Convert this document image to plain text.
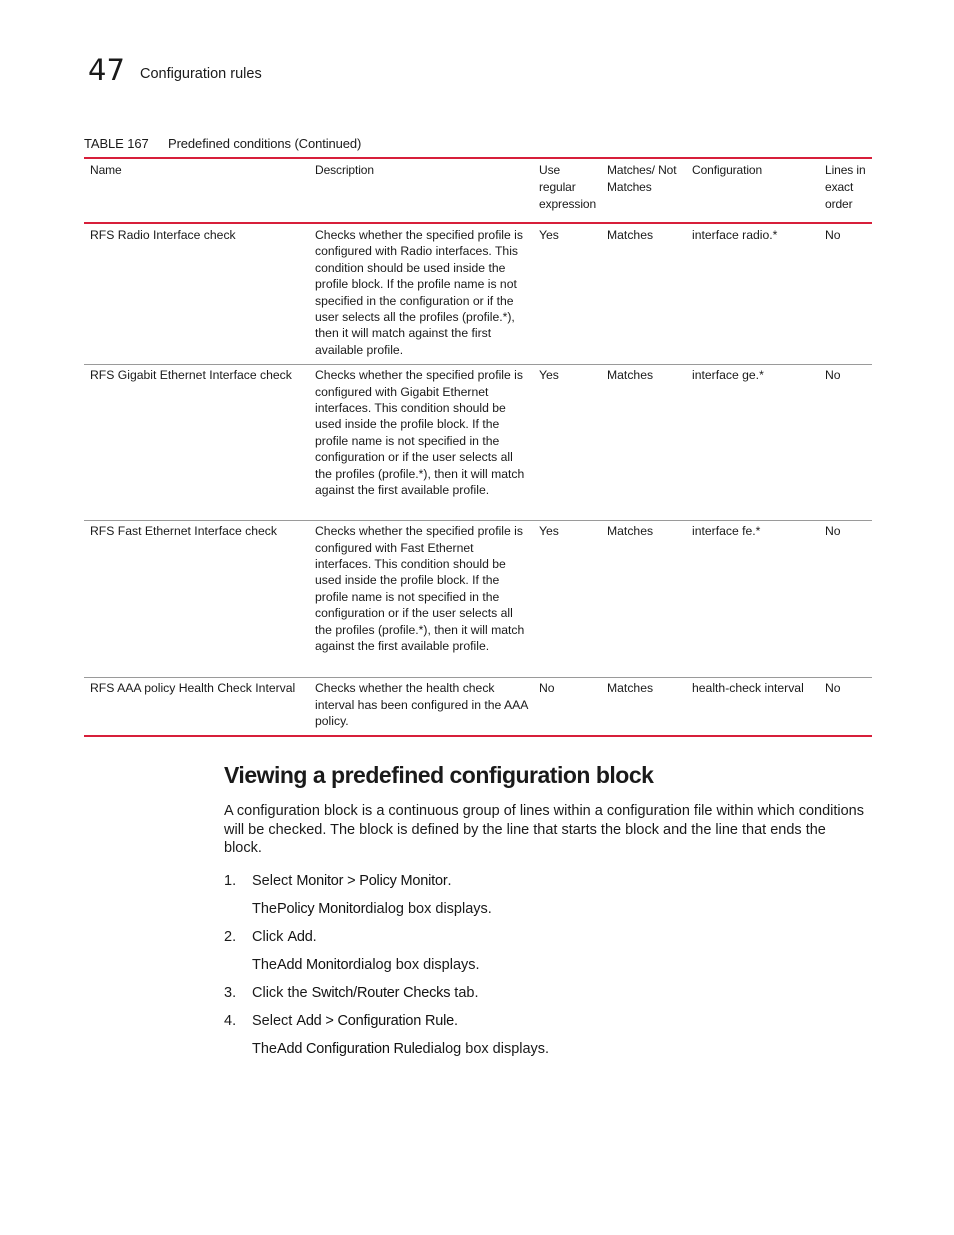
47 Configuration rules
TABLE 167 Predefined conditions (Continued)
Name	Description	Use regular expression	Matches/ Not Matches	Configuration	Lines in exact order
RFS Radio Interface check	Checks whether the specified profile is configured with Radio interfaces. This condition should be used inside the profile block. If the profile name is not specified in the configuration or if the user selects all the profiles (profile.*), then it will match against the first available profile.	Yes	Matches	interface radio.*	No
RFS Gigabit Ethernet Interface check	Checks whether the specified profile is configured with Gigabit Ethernet interfaces. This condition should be used inside the profile block. If the profile name is not specified in the configuration or if the user selects all the profiles (profile.*), then it will match against the first available profile.	Yes	Matches	interface ge.*	No
RFS Fast Ethernet Interface check	Checks whether the specified profile is configured with Fast Ethernet interfaces. This condition should be used inside the profile block. If the profile name is not specified in the configuration or if the user selects all the profiles (profile.*), then it will match against the first available profile.	Yes	Matches	interface fe.*	No
RFS AAA policy Health Check Interval	Checks whether the health check interval has been configured in the AAA policy.	No	Matches	health-check interval	No
Viewing a predefined configuration block

A configuration block is a continuous group of lines within a configuration file within which conditions will be checked. The block is defined by the line that starts the block and the line that ends the block.

1.	Select Monitor > Policy Monitor.
The Policy Monitor dialog box displays.
2.	Click Add.
The Add Monitor dialog box displays.
3.	Click the Switch/Router Checks tab.
4.	Select Add > Configuration Rule.
The Add Configuration Rule dialog box displays.
